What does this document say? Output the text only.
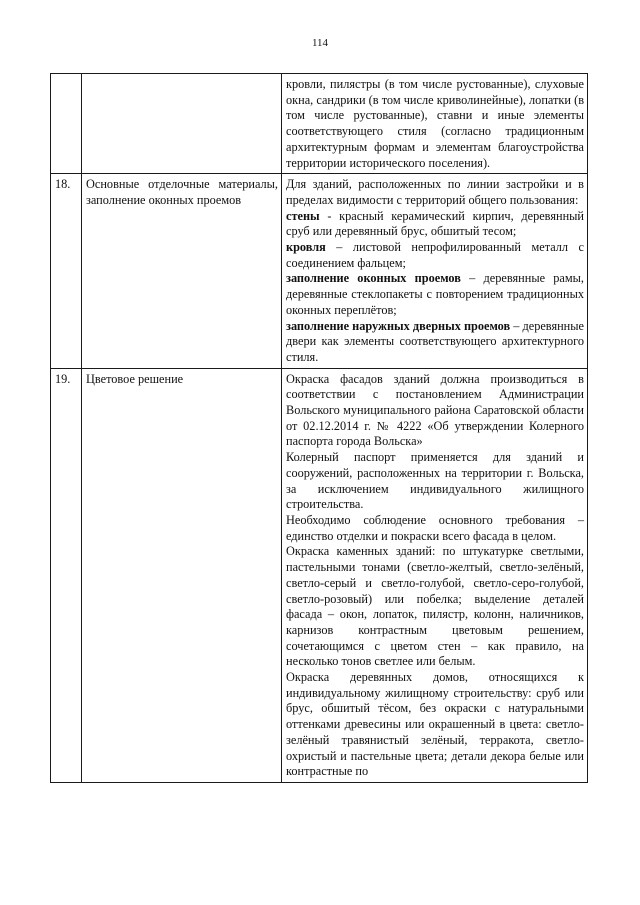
114

		кровли, пилястры (в том числе рустованные), слуховые окна, сандрики (в том числе криволинейные), лопатки (в том числе рустованные), ставни и иные элементы соответствующего стиля (согласно традиционным архитектурным формам и элементам благоустройства территории исторического поселения).

18.	Основные отделочные материалы, заполнение оконных проемов	Для зданий, расположенных по линии застройки и в пределах видимости с территорий общего пользования:

стены - красный керамический кирпич, деревянный сруб или деревянный брус, обшитый тесом;

кровля – листовой непрофилированный металл с соединением фальцем;

заполнение оконных проемов – деревянные рамы, деревянные стеклопакеты с повторением традиционных оконных переплётов;

заполнение наружных дверных проемов – деревянные двери как элементы соответствующего архитектурного стиля.

19.	Цветовое решение	Окраска фасадов зданий должна производиться в соответствии с постановлением Администрации Вольского муниципального района Саратовской области от 02.12.2014 г. № 4222 «Об утверждении Колерного паспорта города Вольска»

Колерный паспорт применяется для зданий и сооружений, расположенных на территории г. Вольска, за исключением индивидуального жилищного строительства.

Необходимо соблюдение основного требования – единство отделки и покраски всего фасада в целом.

Окраска каменных зданий: по штукатурке светлыми, пастельными тонами (светло-желтый, светло-зелёный, светло-серый и светло-голубой, светло-серо-голубой, светло-розовый) или побелка; выделение деталей фасада – окон, лопаток, пилястр, колонн, наличников, карнизов контрастным цветовым решением, сочетающимся с цветом стен – как правило, на несколько тонов светлее или белым.

Окраска деревянных домов, относящихся к индивидуальному жилищному строительству: сруб или брус, обшитый тёсом, без окраски с натуральными оттенками древесины или окрашенный в цвета: светло-зелёный травянистый зелёный, терракота, светло-охристый и пастельные цвета; детали декора белые или контрастные по
